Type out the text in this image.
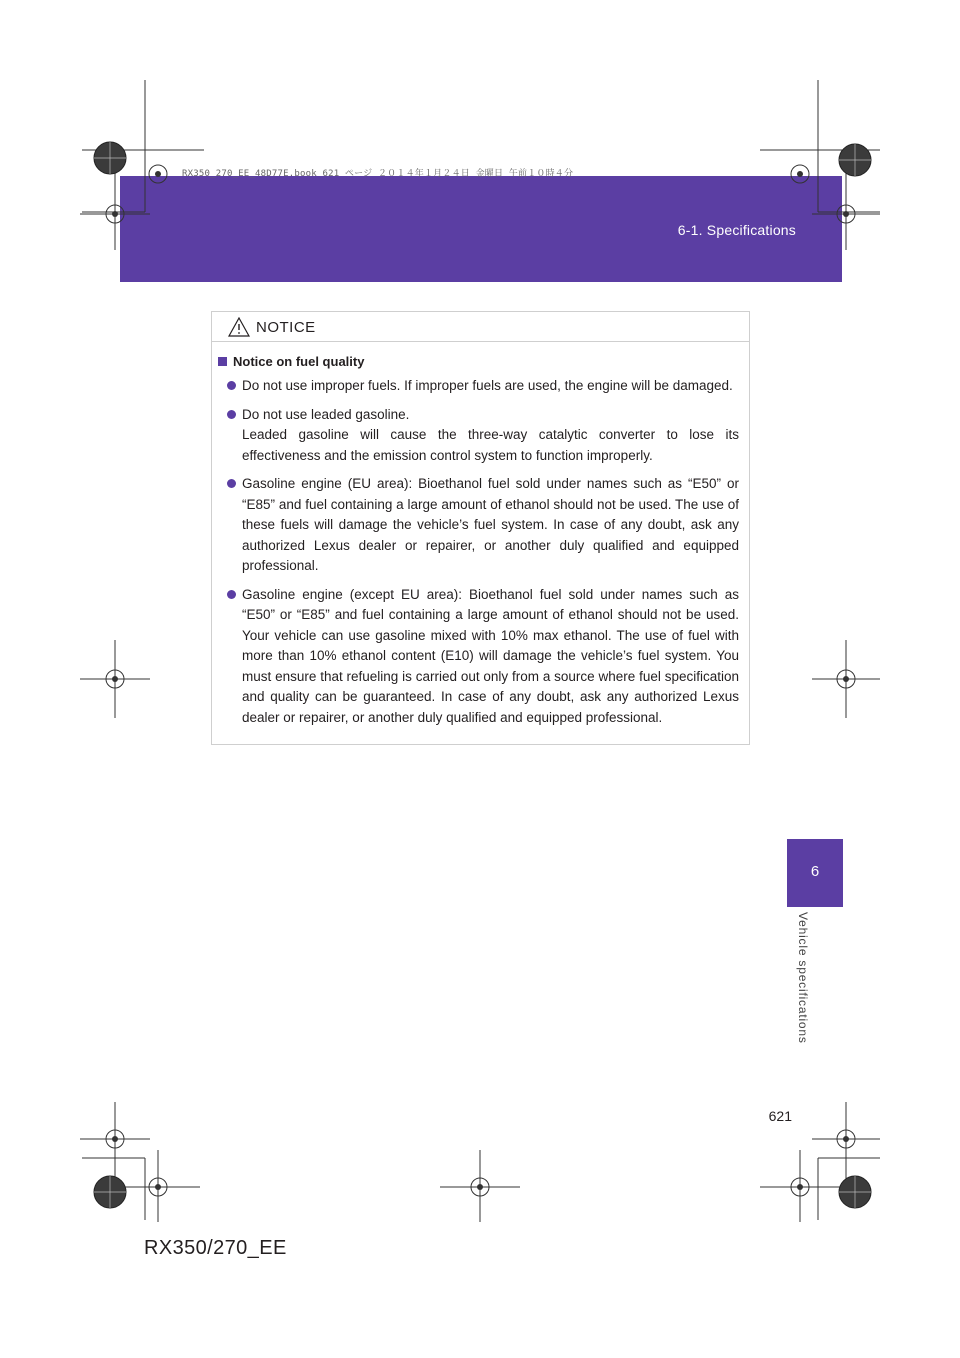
6-1. Specifications
RX350_270_EE_48D77E.book 621 ページ ２０１４年１月２４日 金曜日 午前１０時４分
NOTICE
Notice on fuel quality
Do not use improper fuels. If improper fuels are used, the engine will be damaged.
Do not use leaded gasoline.
Leaded gasoline will cause the three-way catalytic converter to lose its effectiveness and the emission control system to function improperly.
Gasoline engine (EU area): Bioethanol fuel sold under names such as “E50” or “E85” and fuel containing a large amount of ethanol should not be used. The use of these fuels will damage the vehicle’s fuel system. In case of any doubt, ask any authorized Lexus dealer or repairer, or another duly qualified and equipped professional.
Gasoline engine (except EU area): Bioethanol fuel sold under names such as “E50” or “E85” and fuel containing a large amount of ethanol should not be used. Your vehicle can use gasoline mixed with 10% max ethanol. The use of fuel with more than 10% ethanol content (E10) will damage the vehicle’s fuel system. You must ensure that refueling is carried out only from a source where fuel specification and quality can be guaranteed. In case of any doubt, ask any authorized Lexus dealer or repairer, or another duly qualified and equipped professional.
6
Vehicle specifications
621
RX350/270_EE
